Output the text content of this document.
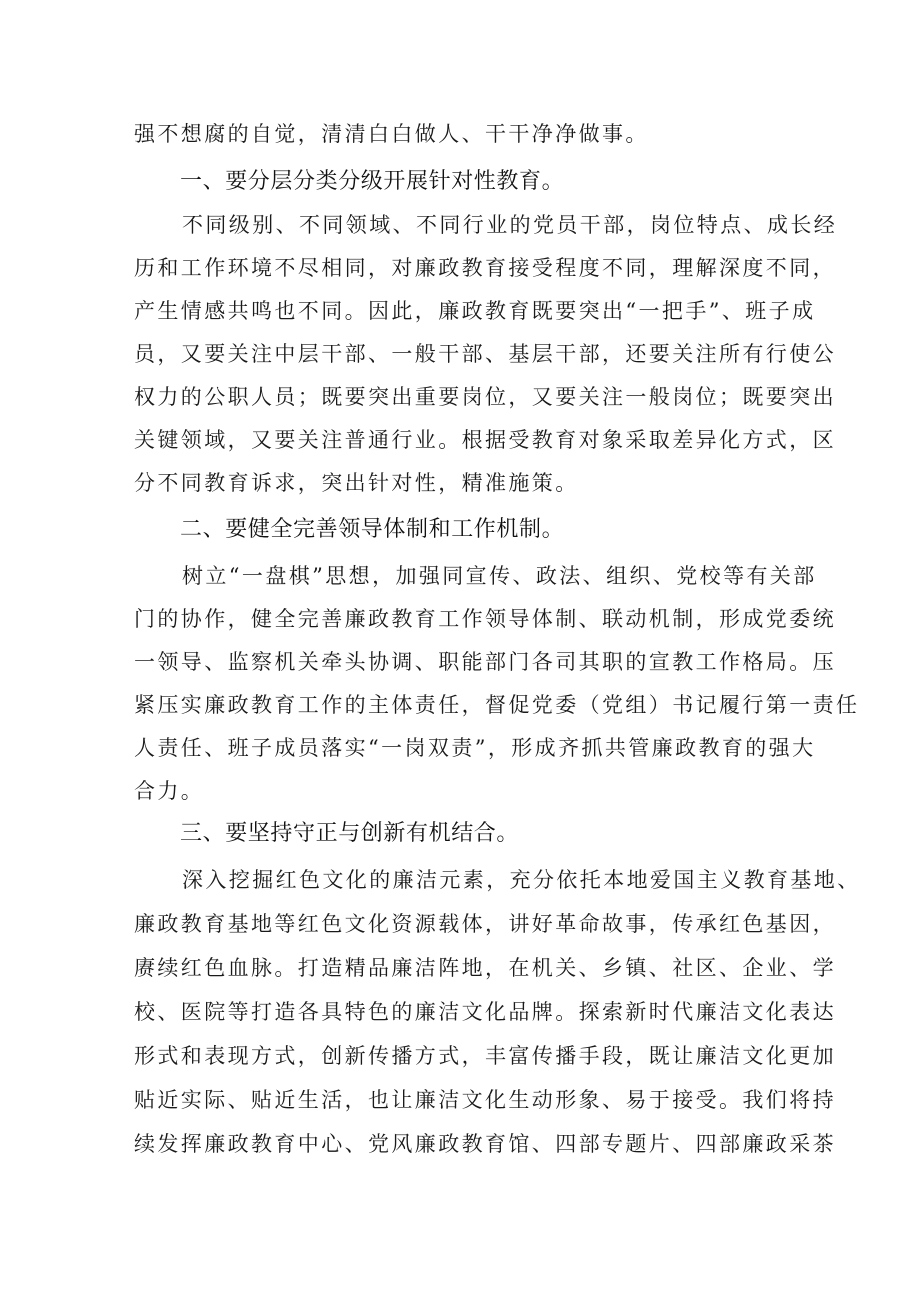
强不想腐的自觉，清清白白做人、干干净净做事。
一、要分层分类分级开展针对性教育。
不同级别、不同领域、不同行业的党员干部，岗位特点、成长经
历和工作环境不尽相同，对廉政教育接受程度不同，理解深度不同，
产生情感共鸣也不同。因此，廉政教育既要突出“一把手”、班子成
员，又要关注中层干部、一般干部、基层干部，还要关注所有行使公
权力的公职人员；既要突出重要岗位，又要关注一般岗位；既要突出
关键领域，又要关注普通行业。根据受教育对象采取差异化方式，区
分不同教育诉求，突出针对性，精准施策。
二、要健全完善领导体制和工作机制。
树立“一盘棋”思想，加强同宣传、政法、组织、党校等有关部
门的协作，健全完善廉政教育工作领导体制、联动机制，形成党委统
一领导、监察机关牵头协调、职能部门各司其职的宣教工作格局。压
紧压实廉政教育工作的主体责任，督促党委（党组）书记履行第一责任
人责任、班子成员落实“一岗双责”，形成齐抓共管廉政教育的强大
合力。
三、要坚持守正与创新有机结合。
深入挖掘红色文化的廉洁元素，充分依托本地爱国主义教育基地、
廉政教育基地等红色文化资源载体，讲好革命故事，传承红色基因，
赓续红色血脉。打造精品廉洁阵地，在机关、乡镇、社区、企业、学
校、医院等打造各具特色的廉洁文化品牌。探索新时代廉洁文化表达
形式和表现方式，创新传播方式，丰富传播手段，既让廉洁文化更加
贴近实际、贴近生活，也让廉洁文化生动形象、易于接受。我们将持
续发挥廉政教育中心、党风廉政教育馆、四部专题片、四部廉政采茶
